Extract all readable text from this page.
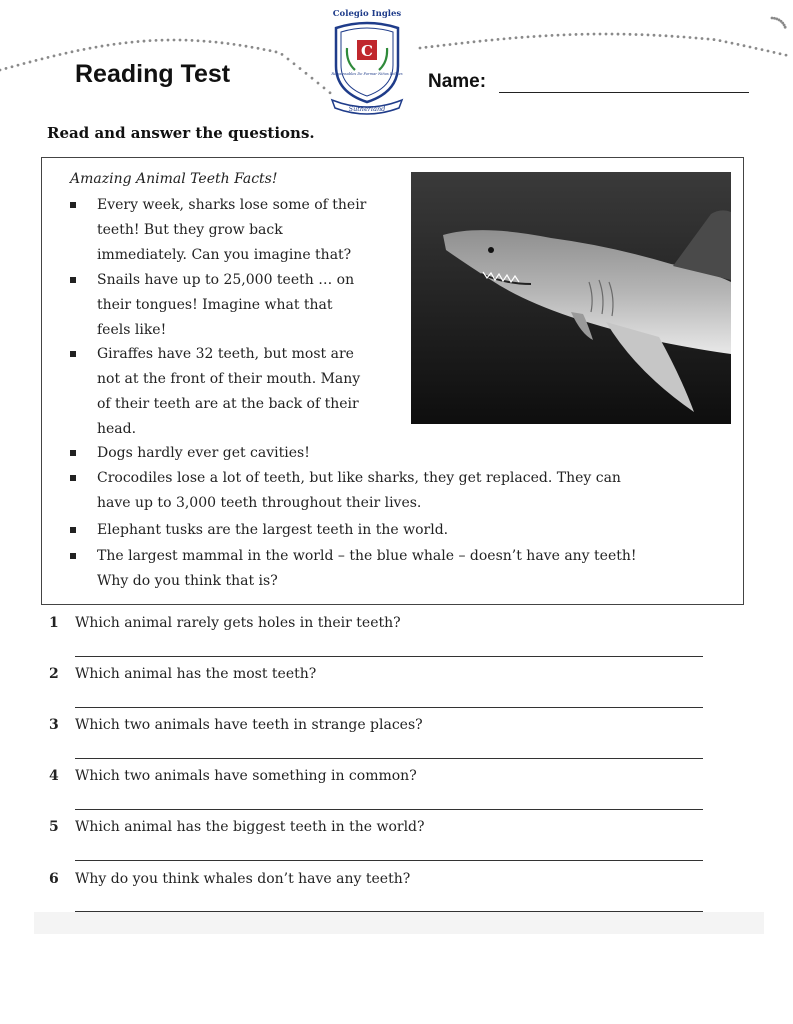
Reading Test
Colegio Ingles
C
Responsables De Formar Niños Felices
Sutherland
Name:
Read and answer the questions.
Amazing Animal Teeth Facts!
Every week, sharks lose some of their
teeth! But they grow back
immediately. Can you imagine that?
Snails have up to 25,000 teeth … on
their tongues! Imagine what that
feels like!
Giraffes have 32 teeth, but most are
not at the front of their mouth. Many
of their teeth are at the back of their
head.
Dogs hardly ever get cavities!
Crocodiles lose a lot of teeth, but like sharks, they get replaced. They can
have up to 3,000 teeth throughout their lives.
Elephant tusks are the largest teeth in the world.
The largest mammal in the world – the blue whale – doesn’t have any teeth!
Why do you think that is?
1 Which animal rarely gets holes in their teeth?
2 Which animal has the most teeth?
3 Which two animals have teeth in strange places?
4 Which two animals have something in common?
5 Which animal has the biggest teeth in the world?
6 Why do you think whales don’t have any teeth?
